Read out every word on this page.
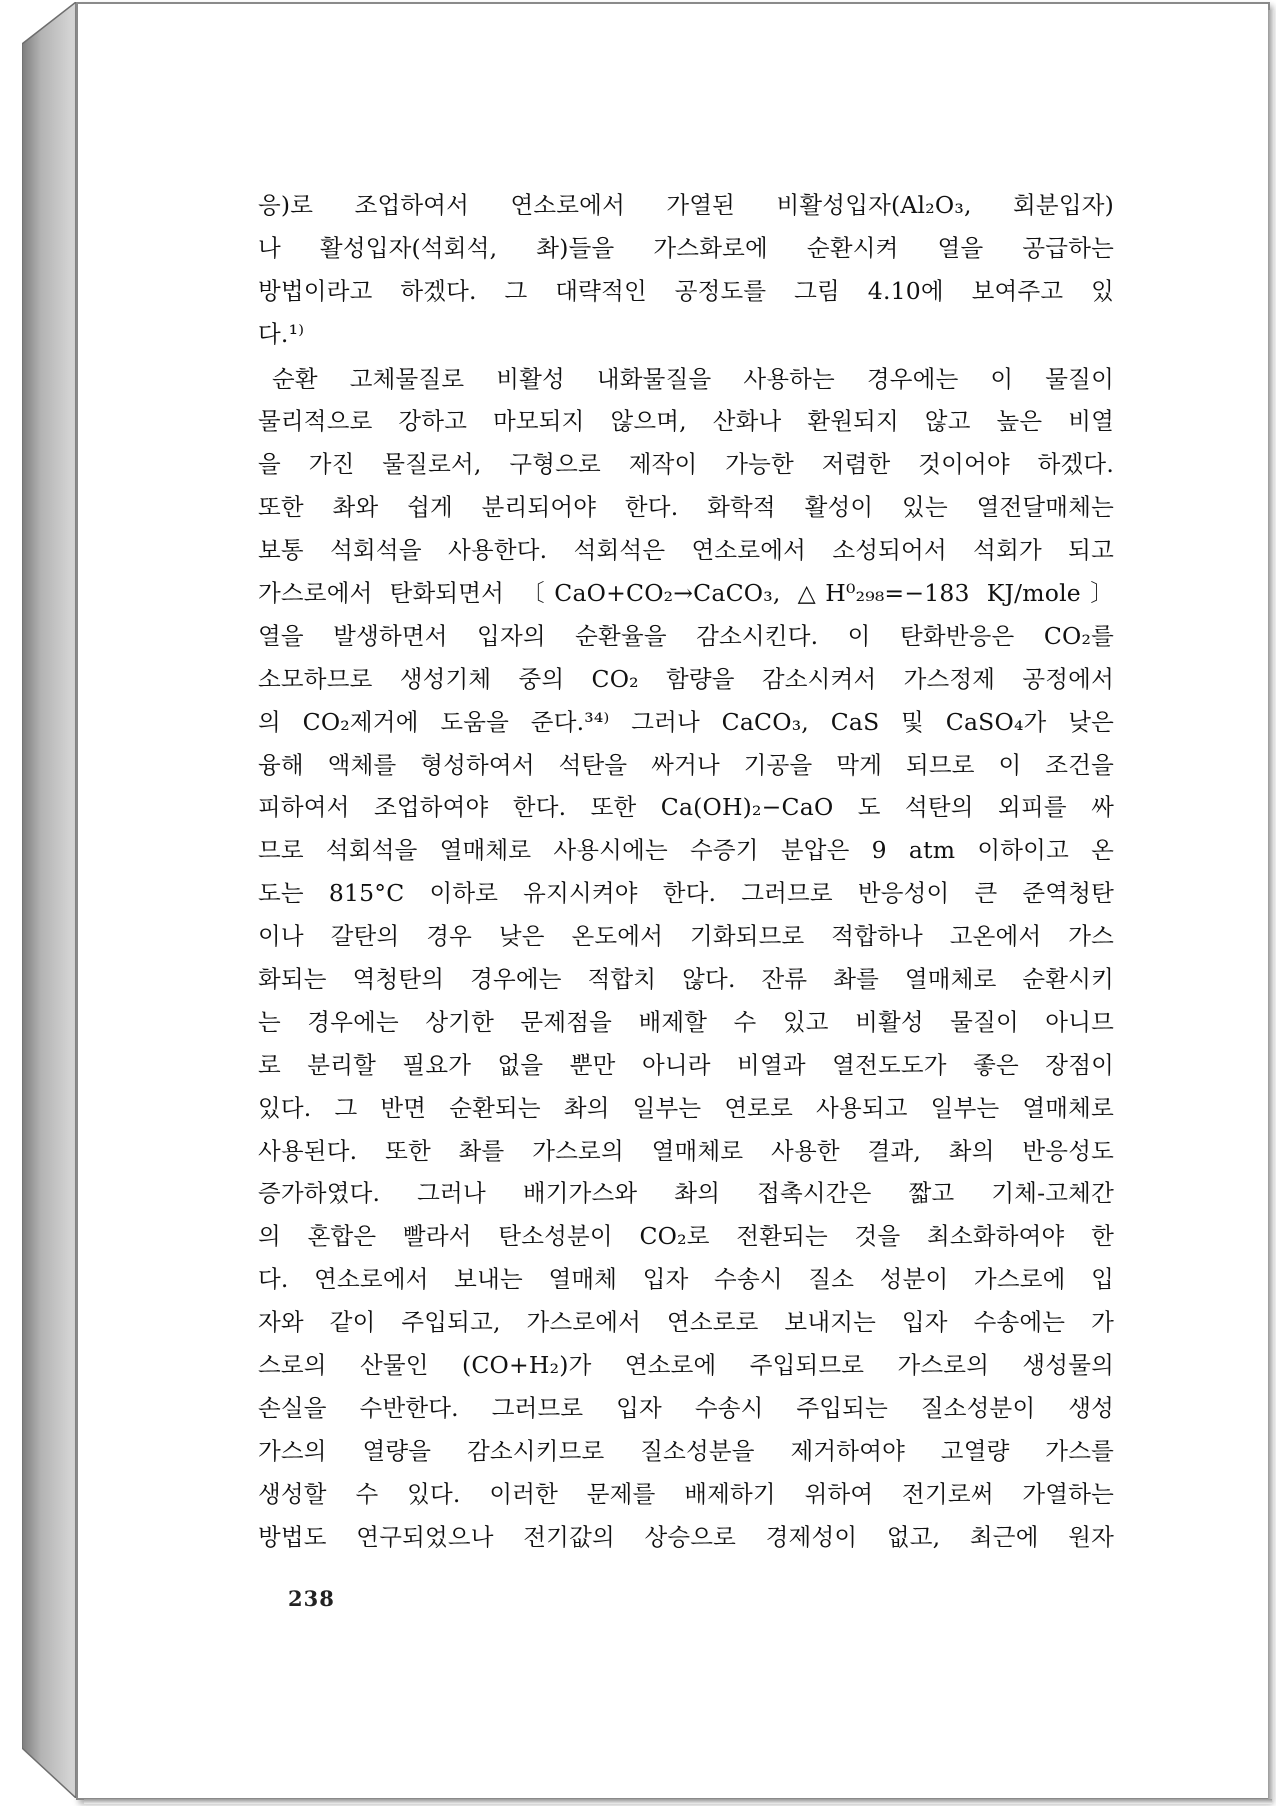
응)로 조업하여서 연소로에서 가열된 비활성입자(Al₂O₃, 회분입자)
나 활성입자(석회석, 촤)들을 가스화로에 순환시켜 열을 공급하는
방법이라고 하겠다. 그 대략적인 공정도를 그림 4.10에 보여주고 있
다.¹⁾
순환 고체물질로 비활성 내화물질을 사용하는 경우에는 이 물질이
물리적으로 강하고 마모되지 않으며, 산화나 환원되지 않고 높은 비열
을 가진 물질로서, 구형으로 제작이 가능한 저렴한 것이어야 하겠다.
또한 촤와 쉽게 분리되어야 한다. 화학적 활성이 있는 열전달매체는
보통 석회석을 사용한다. 석회석은 연소로에서 소성되어서 석회가 되고
가스로에서 탄화되면서 〔CaO+CO₂→CaCO₃, △H⁰₂₉₈=−183 KJ/mole〕
열을 발생하면서 입자의 순환율을 감소시킨다. 이 탄화반응은 CO₂를
소모하므로 생성기체 중의 CO₂ 함량을 감소시켜서 가스정제 공정에서
의 CO₂제거에 도움을 준다.³⁴⁾ 그러나 CaCO₃, CaS 및 CaSO₄가 낮은
융해 액체를 형성하여서 석탄을 싸거나 기공을 막게 되므로 이 조건을
피하여서 조업하여야 한다. 또한 Ca(OH)₂−CaO 도 석탄의 외피를 싸
므로 석회석을 열매체로 사용시에는 수증기 분압은 9 atm 이하이고 온
도는 815°C 이하로 유지시켜야 한다. 그러므로 반응성이 큰 준역청탄
이나 갈탄의 경우 낮은 온도에서 기화되므로 적합하나 고온에서 가스
화되는 역청탄의 경우에는 적합치 않다. 잔류 촤를 열매체로 순환시키
는 경우에는 상기한 문제점을 배제할 수 있고 비활성 물질이 아니므
로 분리할 필요가 없을 뿐만 아니라 비열과 열전도도가 좋은 장점이
있다. 그 반면 순환되는 촤의 일부는 연로로 사용되고 일부는 열매체로
사용된다. 또한 촤를 가스로의 열매체로 사용한 결과, 촤의 반응성도
증가하였다. 그러나 배기가스와 촤의 접촉시간은 짧고 기체-고체간
의 혼합은 빨라서 탄소성분이 CO₂로 전환되는 것을 최소화하여야 한
다. 연소로에서 보내는 열매체 입자 수송시 질소 성분이 가스로에 입
자와 같이 주입되고, 가스로에서 연소로로 보내지는 입자 수송에는 가
스로의 산물인 (CO+H₂)가 연소로에 주입되므로 가스로의 생성물의
손실을 수반한다. 그러므로 입자 수송시 주입되는 질소성분이 생성
가스의 열량을 감소시키므로 질소성분을 제거하여야 고열량 가스를
생성할 수 있다. 이러한 문제를 배제하기 위하여 전기로써 가열하는
방법도 연구되었으나 전기값의 상승으로 경제성이 없고, 최근에 원자
238
